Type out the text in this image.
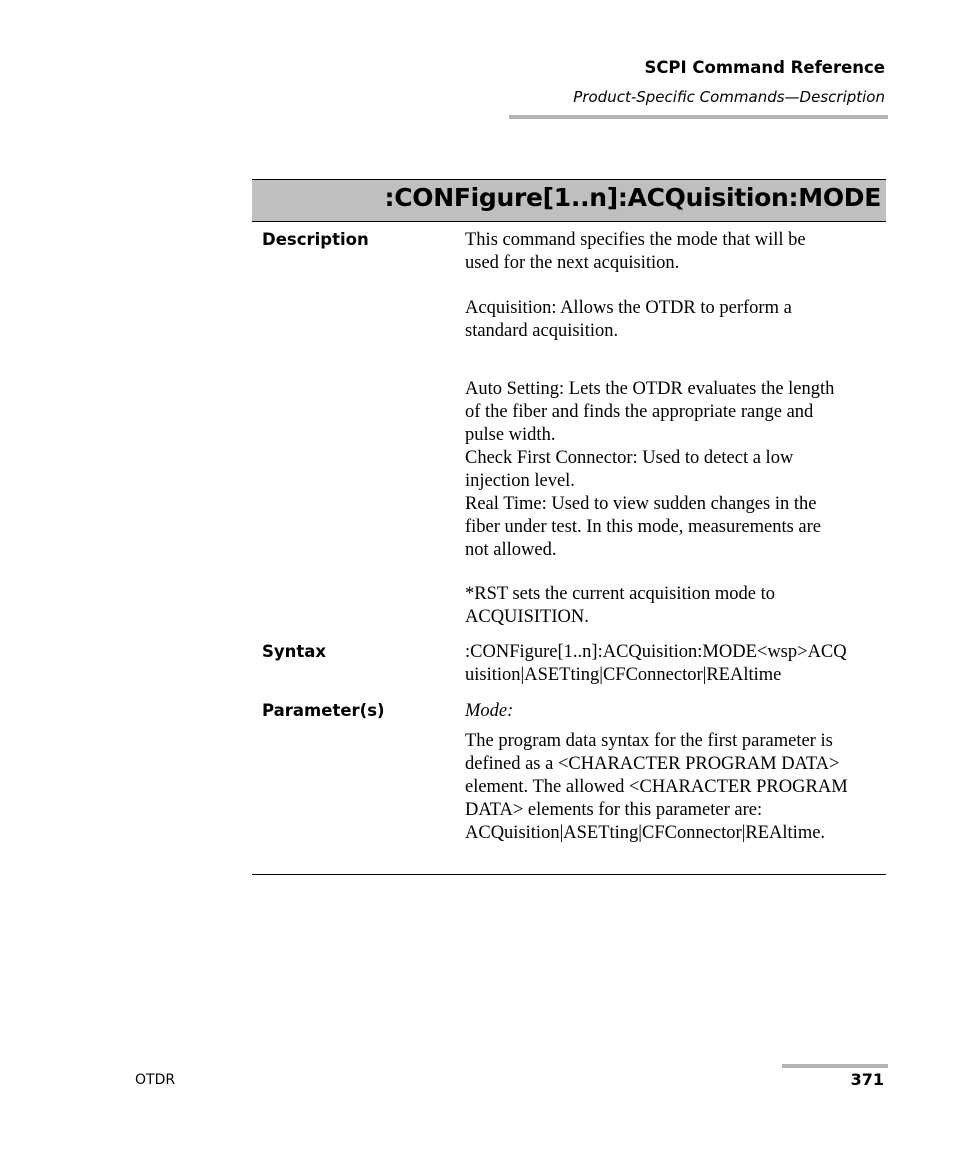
SCPI Command Reference
Product-Specific Commands—Description
:CONFigure[1..n]:ACQuisition:MODE
Description	This command specifies the mode that will be
used for the next acquisition.
Acquisition: Allows the OTDR to perform a
standard acquisition.
Auto Setting: Lets the OTDR evaluates the length
of the fiber and finds the appropriate range and
pulse width.
Check First Connector: Used to detect a low
injection level.
Real Time: Used to view sudden changes in the
fiber under test. In this mode, measurements are
not allowed.
*RST sets the current acquisition mode to
ACQUISITION.
Syntax	:CONFigure[1..n]:ACQuisition:MODE<wsp>ACQ
uisition|ASETting|CFConnector|REAltime
Parameter(s)	Mode:
The program data syntax for the first parameter is
defined as a <CHARACTER PROGRAM DATA>
element. The allowed <CHARACTER PROGRAM
DATA> elements for this parameter are:
ACQuisition|ASETting|CFConnector|REAltime.
OTDR	371
